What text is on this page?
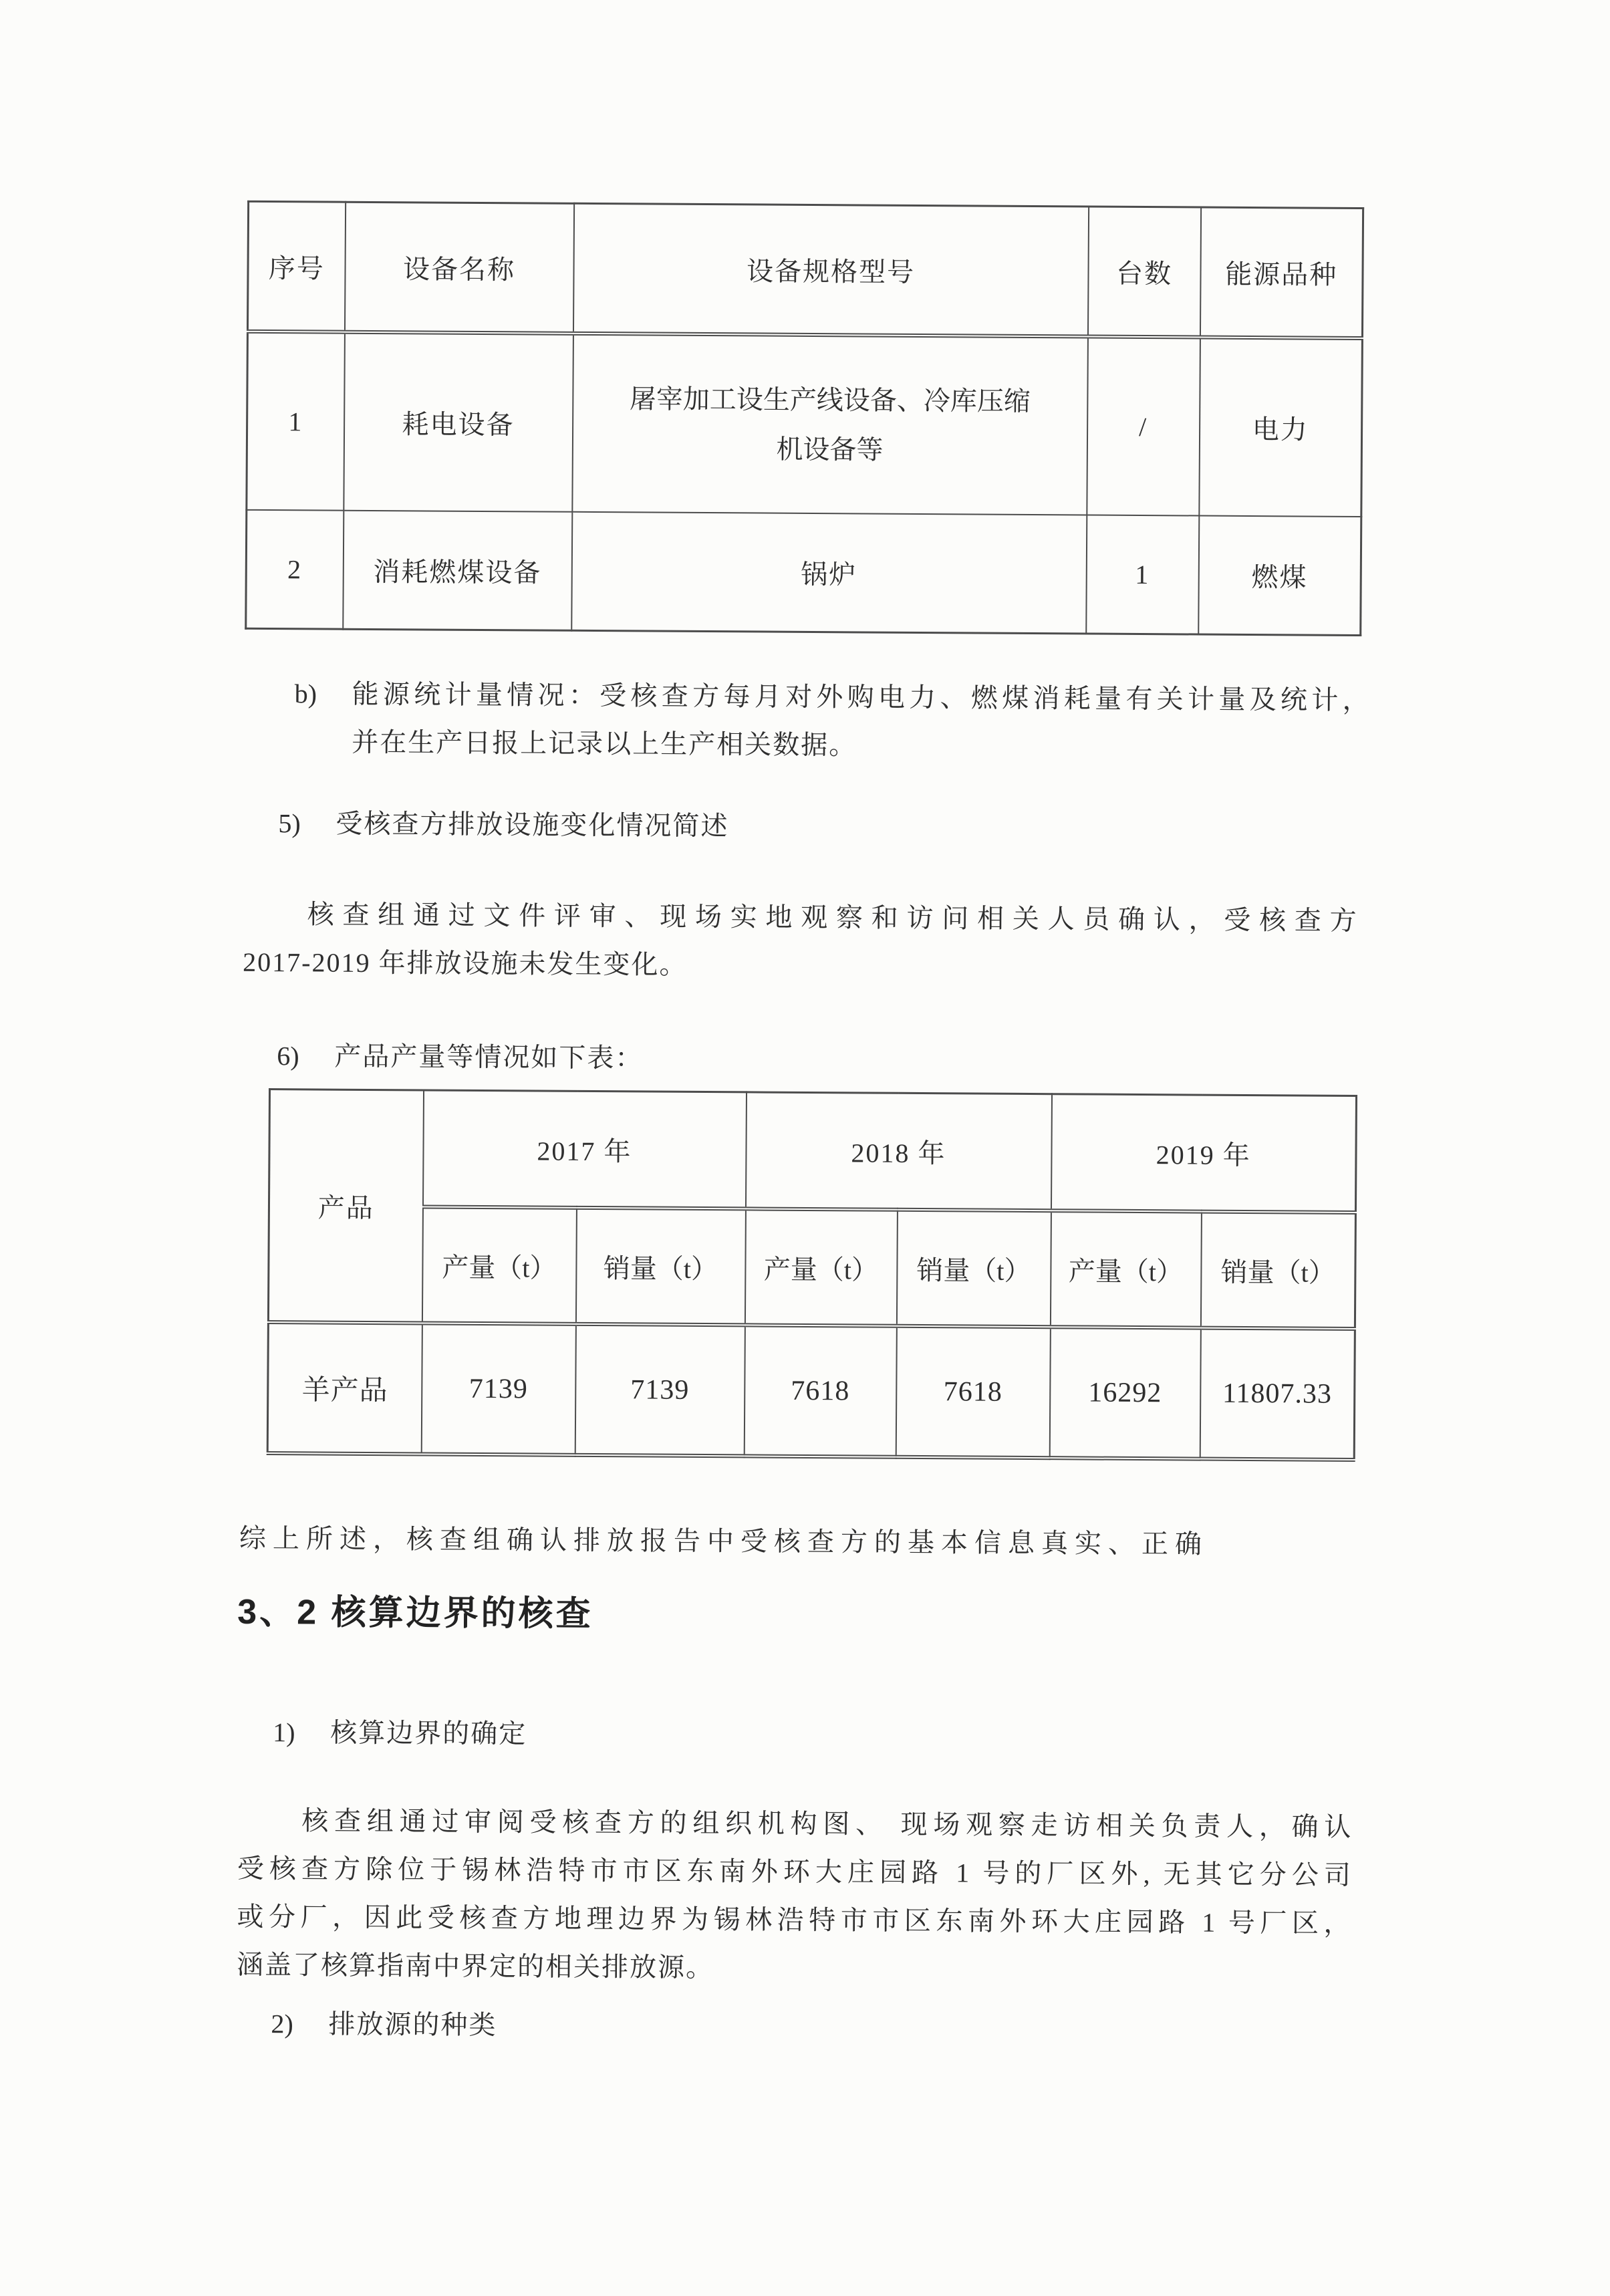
序号	设备名称	设备规格型号	台数	能源品种
1	耗电设备	屠宰加工设生产线设备、冷库压缩机设备等	/	电力
2	消耗燃煤设备	锅炉	1	燃煤
b)	能源统计量情况：受核查方每月对外购电力、燃煤消耗量有关计量及统计，
并在生产日报上记录以上生产相关数据。
5)	受核查方排放设施变化情况简述
核查组通过文件评审、现场实地观察和访问相关人员确认，受核查方
2017-2019 年排放设施未发生变化。
6)	产品产量等情况如下表：
产品	2017 年		2018 年		2019 年	
	产量（t）	销量（t）	产量（t）	销量（t）	产量（t）	销量（t）
羊产品	7139	7139	7618	7618	16292	11807.33
综上所述，核查组确认排放报告中受核查方的基本信息真实、正确
3、2 核算边界的核查
1)	核算边界的确定
核查组通过审阅受核查方的组织机构图、 现场观察走访相关负责人，确认
受核查方除位于锡林浩特市市区东南外环大庄园路 1 号的厂区外, 无其它分公司
或分厂，因此受核查方地理边界为锡林浩特市市区东南外环大庄园路 1 号厂区，
涵盖了核算指南中界定的相关排放源。
2)	排放源的种类
